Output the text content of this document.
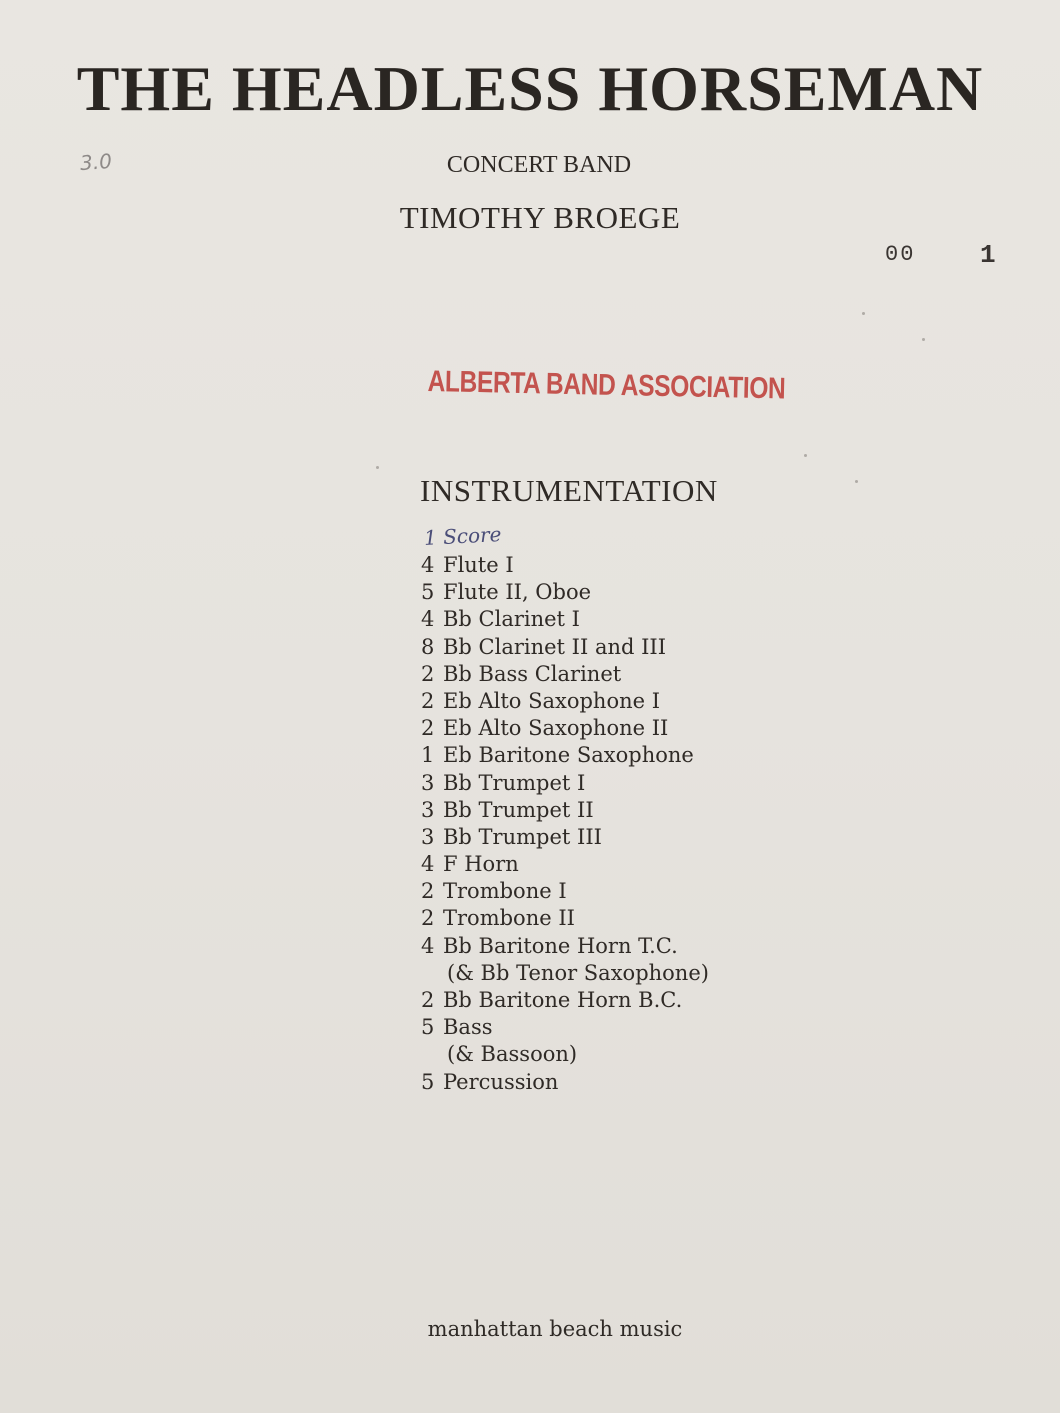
THE HEADLESS HORSEMAN
CONCERT BAND
TIMOTHY BROEGE
3.0
00 1
ALBERTA BAND ASSOCIATION
INSTRUMENTATION
1 Score
4 Flute I
5 Flute II, Oboe
4 Bb Clarinet I
8 Bb Clarinet II and III
2 Bb Bass Clarinet
2 Eb Alto Saxophone I
2 Eb Alto Saxophone II
1 Eb Baritone Saxophone
3 Bb Trumpet I
3 Bb Trumpet II
3 Bb Trumpet III
4 F Horn
2 Trombone I
2 Trombone II
4 Bb Baritone Horn T.C.
(& Bb Tenor Saxophone)
2 Bb Baritone Horn B.C.
5 Bass
(& Bassoon)
5 Percussion
manhattan beach music
